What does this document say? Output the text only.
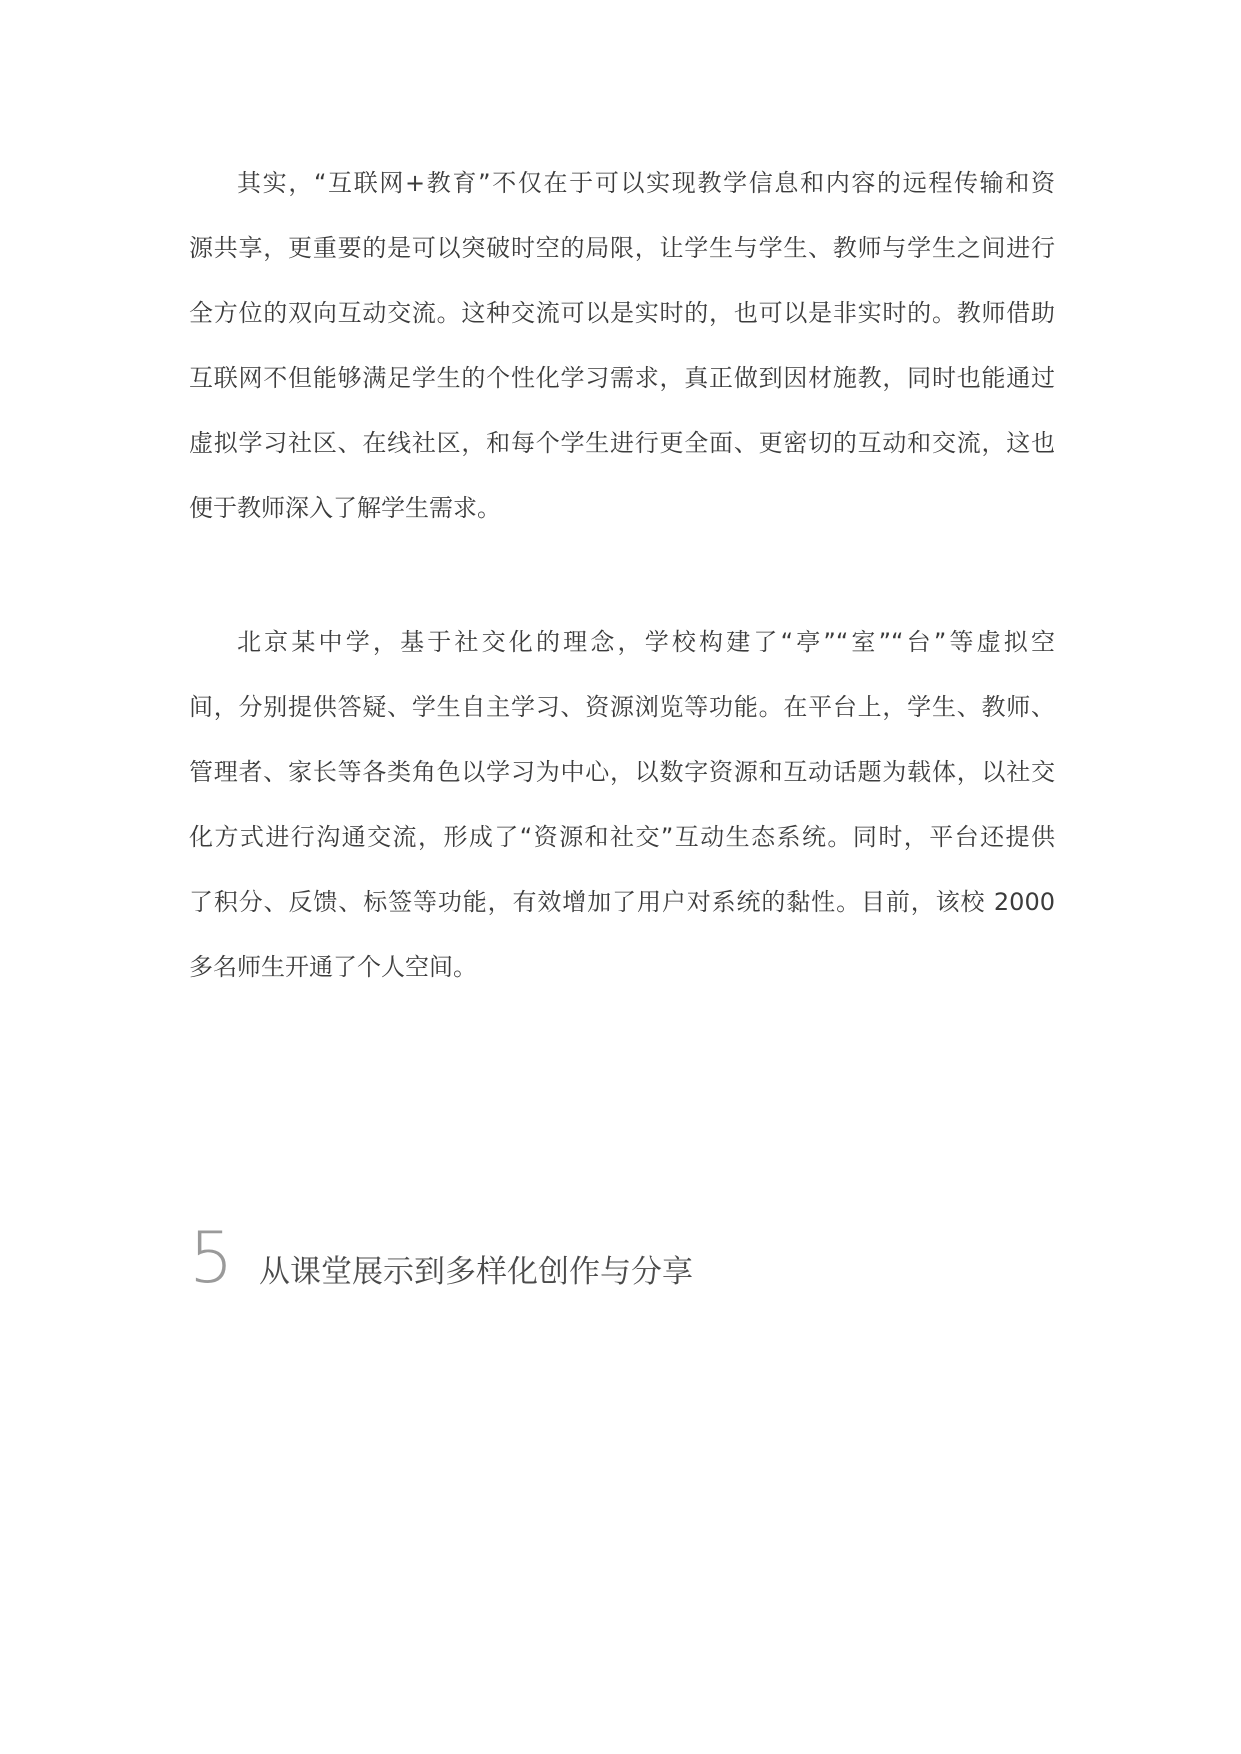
其实，“互联网+教育”不仅在于可以实现教学信息和内容的远程传输和资
源共享，更重要的是可以突破时空的局限，让学生与学生、教师与学生之间进行
全方位的双向互动交流。这种交流可以是实时的，也可以是非实时的。教师借助
互联网不但能够满足学生的个性化学习需求，真正做到因材施教，同时也能通过
虚拟学习社区、在线社区，和每个学生进行更全面、更密切的互动和交流，这也
便于教师深入了解学生需求。
北京某中学，基于社交化的理念，学校构建了“亭”“室”“台”等虚拟空
间，分别提供答疑、学生自主学习、资源浏览等功能。在平台上，学生、教师、
管理者、家长等各类角色以学习为中心，以数字资源和互动话题为载体，以社交
化方式进行沟通交流，形成了“资源和社交”互动生态系统。同时，平台还提供
了积分、反馈、标签等功能，有效增加了用户对系统的黏性。目前，该校 2000
多名师生开通了个人空间。
5 从课堂展示到多样化创作与分享
